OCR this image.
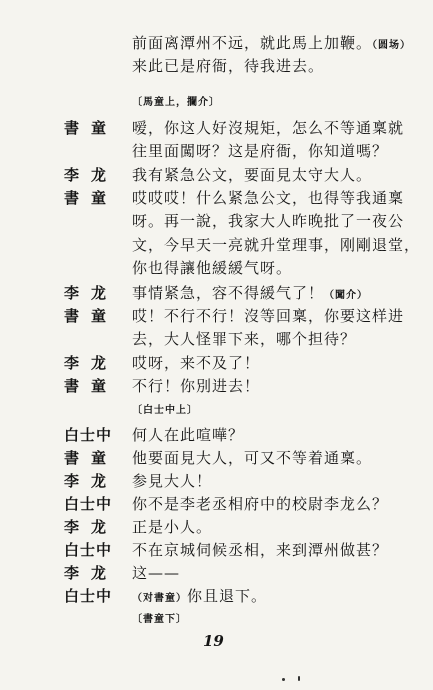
前面离潭州不远，就此馬上加鞭。（圆场）
来此已是府衙，待我进去。
〔馬童上，攔介〕
書童 嗳，你这人好沒規矩，怎么不等通稟就
往里面闖呀？这是府衙，你知道嗎？
李龙 我有紧急公文，要面見太守大人。
書童 哎哎哎！什么紧急公文，也得等我通稟
呀。再一說，我家大人昨晚批了一夜公
文，今早天一亮就升堂理事，刚剛退堂，
你也得讓他緩緩气呀。
李龙 事情紧急，容不得緩气了！（闖介）
書童 哎！不行不行！沒等回稟，你要这样进
去，大人怪罪下来，哪个担待？
李龙 哎呀，来不及了！
書童 不行！你別进去！
〔白士中上〕
白士中 何人在此喧嘩？
書童 他要面見大人，可又不等着通稟。
李龙 参見大人！
白士中 你不是李老丞相府中的校尉李龙么？
李龙 正是小人。
白士中 不在京城伺候丞相，来到潭州做甚？
李龙 这——
白士中 （对書童）你且退下。
〔書童下〕
19
